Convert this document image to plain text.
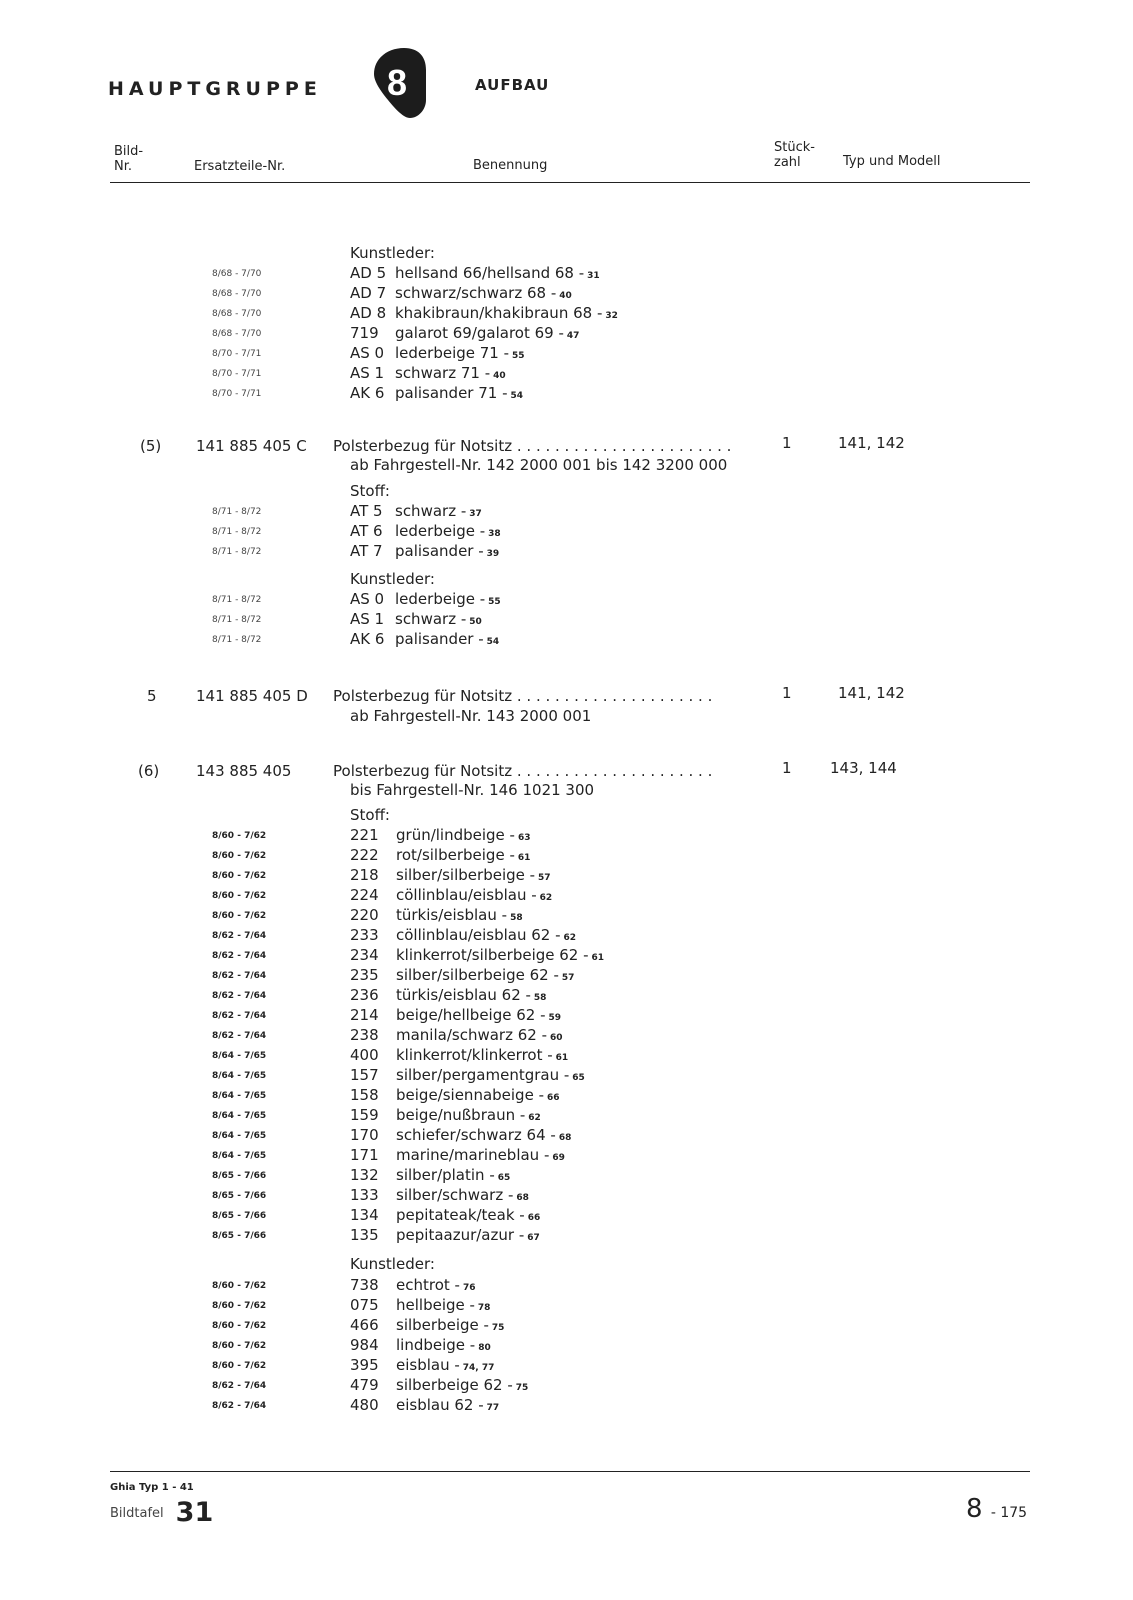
HAUPTGRUPPE 8	AUFBAU
Bild-
Nr.	Ersatzteile-Nr.	Benennung
Stück-
zahl	Typ und Modell
Kunstleder:
8/68 - 7/70	AD 5 hellsand 66/hellsand 68 - 31
8/68 - 7/70	AD 7 schwarz/schwarz 68 - 40
8/68 - 7/70	AD 8 khakibraun/khakibraun 68 - 32
8/68 - 7/70	719 galarot 69/galarot 69 - 47
8/70 - 7/71	AS 0 lederbeige 71 - 55
8/70 - 7/71	AS 1 schwarz 71 - 40
8/70 - 7/71	AK 6 palisander 71 - 54
(5) 141 885 405 C Polsterbezug für Notsitz . . . . . . . . . . . . . . . . . . . . . . .	1	141, 142
ab Fahrgestell-Nr. 142 2000 001 bis 142 3200 000
Stoff:
8/71 - 8/72	AT 5 schwarz - 37
8/71 - 8/72	AT 6 lederbeige - 38
8/71 - 8/72	AT 7 palisander - 39
Kunstleder:
8/71 - 8/72	AS 0 lederbeige - 55
8/71 - 8/72	AS 1 schwarz - 50
8/71 - 8/72	AK 6 palisander - 54
5	141 885 405 D Polsterbezug für Notsitz . . . . . . . . . . . . . . . . . . . . .	1	141, 142
ab Fahrgestell-Nr. 143 2000 001
(6) 143 885 405	Polsterbezug für Notsitz . . . . . . . . . . . . . . . . . . . . .	1	143, 144
bis Fahrgestell-Nr. 146 1021 300
Stoff:
8/60 - 7/62	221 grün/lindbeige - 63
8/60 - 7/62	222 rot/silberbeige - 61
8/60 - 7/62	218 silber/silberbeige - 57
8/60 - 7/62	224 cöllinblau/eisblau - 62
8/60 - 7/62	220 türkis/eisblau - 58
8/62 - 7/64	233 cöllinblau/eisblau 62 - 62
8/62 - 7/64	234 klinkerrot/silberbeige 62 - 61
8/62 - 7/64	235 silber/silberbeige 62 - 57
8/62 - 7/64	236 türkis/eisblau 62 - 58
8/62 - 7/64	214 beige/hellbeige 62 - 59
8/62 - 7/64	238 manila/schwarz 62 - 60
8/64 - 7/65	400 klinkerrot/klinkerrot - 61
8/64 - 7/65	157 silber/pergamentgrau - 65
8/64 - 7/65	158 beige/siennabeige - 66
8/64 - 7/65	159 beige/nußbraun - 62
8/64 - 7/65	170 schiefer/schwarz 64 - 68
8/64 - 7/65	171 marine/marineblau - 69
8/65 - 7/66	132 silber/platin - 65
8/65 - 7/66	133 silber/schwarz - 68
8/65 - 7/66	134 pepitateak/teak - 66
8/65 - 7/66	135 pepitaazur/azur - 67
Kunstleder:
8/60 - 7/62	738 echtrot - 76
8/60 - 7/62	075 hellbeige - 78
8/60 - 7/62	466 silberbeige - 75
8/60 - 7/62	984 lindbeige - 80
8/60 - 7/62	395 eisblau - 74, 77
8/62 - 7/64	479 silberbeige 62 - 75
8/62 - 7/64	480 eisblau 62 - 77
Ghia Typ 1 - 41
Bildtafel 31	8 - 175
